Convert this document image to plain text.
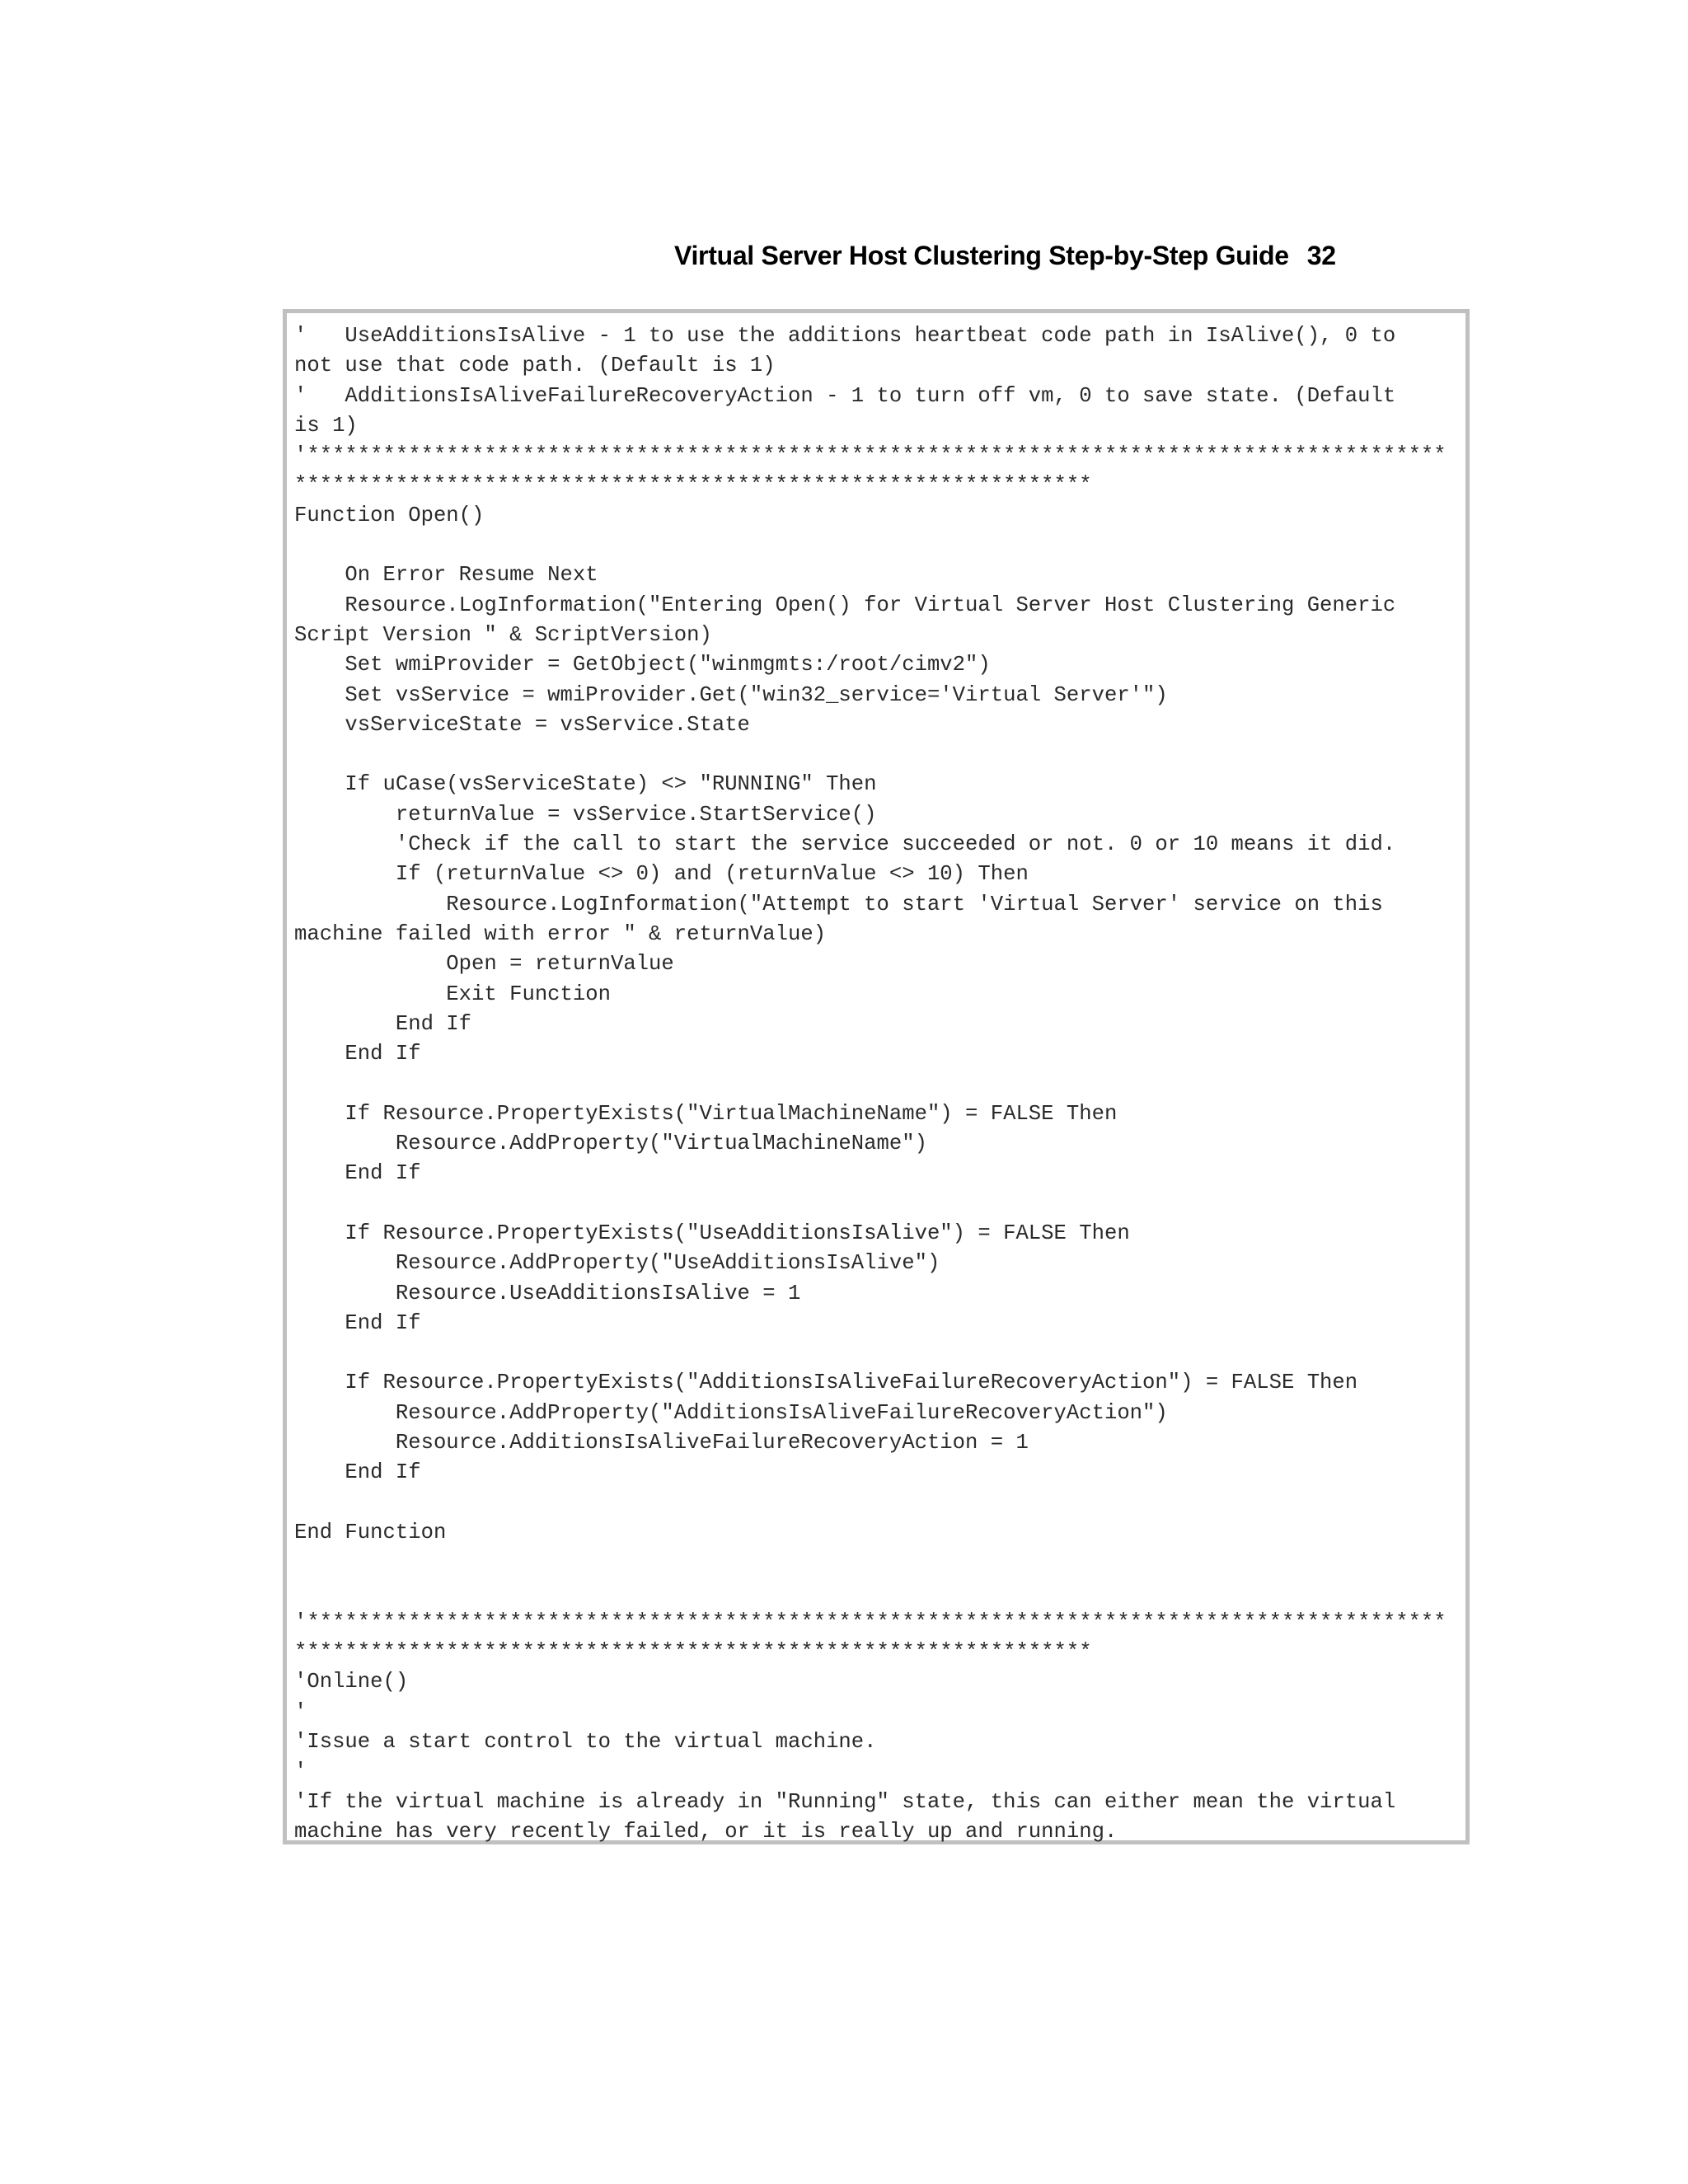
Virtual Server Host Clustering Step-by-Step Guide 32
'   UseAdditionsIsAlive - 1 to use the additions heartbeat code path in IsAlive(), 0 to
not use that code path. (Default is 1)
'   AdditionsIsAliveFailureRecoveryAction - 1 to turn off vm, 0 to save state. (Default
is 1)
'******************************************************************************************
***************************************************************
Function Open()
On Error Resume Next
Resource.LogInformation("Entering Open() for Virtual Server Host Clustering Generic
Script Version " & ScriptVersion)
Set wmiProvider = GetObject("winmgmts:/root/cimv2")
Set vsService = wmiProvider.Get("win32_service='Virtual Server'")
vsServiceState = vsService.State
If uCase(vsServiceState) <> "RUNNING" Then
returnValue = vsService.StartService()
'Check if the call to start the service succeeded or not. 0 or 10 means it did.
If (returnValue <> 0) and (returnValue <> 10) Then
Resource.LogInformation("Attempt to start 'Virtual Server' service on this
machine failed with error " & returnValue)
Open = returnValue
Exit Function
End If
End If
If Resource.PropertyExists("VirtualMachineName") = FALSE Then
Resource.AddProperty("VirtualMachineName")
End If
If Resource.PropertyExists("UseAdditionsIsAlive") = FALSE Then
Resource.AddProperty("UseAdditionsIsAlive")
Resource.UseAdditionsIsAlive = 1
End If
If Resource.PropertyExists("AdditionsIsAliveFailureRecoveryAction") = FALSE Then
Resource.AddProperty("AdditionsIsAliveFailureRecoveryAction")
Resource.AdditionsIsAliveFailureRecoveryAction = 1
End If
End Function
'******************************************************************************************
***************************************************************
'Online()
'
'Issue a start control to the virtual machine.
'
'If the virtual machine is already in "Running" state, this can either mean the virtual
machine has very recently failed, or it is really up and running.
